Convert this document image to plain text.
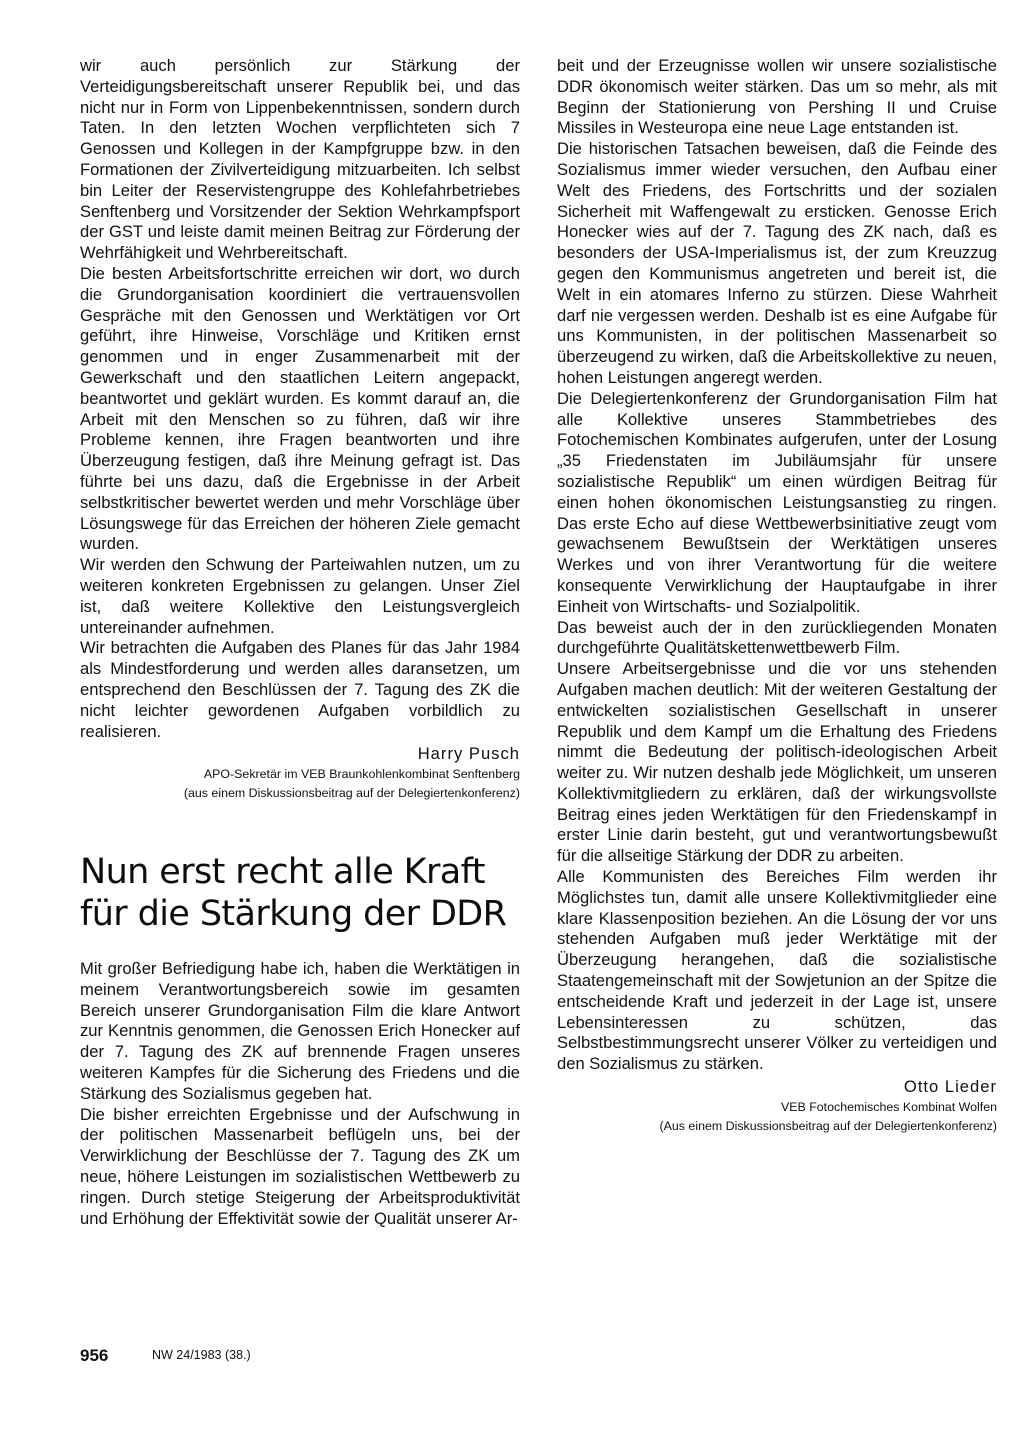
wir auch persönlich zur Stärkung der Verteidigungsbereitschaft unserer Republik bei, und das nicht nur in Form von Lippenbekenntnissen, sondern durch Taten. In den letzten Wochen verpflichteten sich 7 Genossen und Kollegen in der Kampfgruppe bzw. in den Formationen der Zivilverteidigung mitzuarbeiten. Ich selbst bin Leiter der Reservistengruppe des Kohlefahrbetriebes Senftenberg und Vorsitzender der Sektion Wehrkampfsport der GST und leiste damit meinen Beitrag zur Förderung der Wehrfähigkeit und Wehrbereitschaft.

Die besten Arbeitsfortschritte erreichen wir dort, wo durch die Grundorganisation koordiniert die vertrauensvollen Gespräche mit den Genossen und Werktätigen vor Ort geführt, ihre Hinweise, Vorschläge und Kritiken ernst genommen und in enger Zusammenarbeit mit der Gewerkschaft und den staatlichen Leitern angepackt, beantwortet und geklärt wurden. Es kommt darauf an, die Arbeit mit den Menschen so zu führen, daß wir ihre Probleme kennen, ihre Fragen beantworten und ihre Überzeugung festigen, daß ihre Meinung gefragt ist. Das führte bei uns dazu, daß die Ergebnisse in der Arbeit selbstkritischer bewertet werden und mehr Vorschläge über Lösungswege für das Erreichen der höheren Ziele gemacht wurden.

Wir werden den Schwung der Parteiwahlen nutzen, um zu weiteren konkreten Ergebnissen zu gelangen. Unser Ziel ist, daß weitere Kollektive den Leistungsvergleich untereinander aufnehmen.

Wir betrachten die Aufgaben des Planes für das Jahr 1984 als Mindestforderung und werden alles daransetzen, um entsprechend den Beschlüssen der 7. Tagung des ZK die nicht leichter gewordenen Aufgaben vorbildlich zu realisieren.

Harry Pusch

APO-Sekretär im VEB Braunkohlenkombinat Senftenberg

(aus einem Diskussionsbeitrag auf der Delegiertenkonferenz)

Nun erst recht alle Kraft
für die Stärkung der DDR

Mit großer Befriedigung habe ich, haben die Werktätigen in meinem Verantwortungsbereich sowie im gesamten Bereich unserer Grundorganisation Film die klare Antwort zur Kenntnis genommen, die Genossen Erich Honecker auf der 7. Tagung des ZK auf brennende Fragen unseres weiteren Kampfes für die Sicherung des Friedens und die Stärkung des Sozialismus gegeben hat.

Die bisher erreichten Ergebnisse und der Aufschwung in der politischen Massenarbeit beflügeln uns, bei der Verwirklichung der Beschlüsse der 7. Tagung des ZK um neue, höhere Leistungen im sozialistischen Wettbewerb zu ringen. Durch stetige Steigerung der Arbeitsproduktivität und Erhöhung der Effektivität sowie der Qualität unserer Ar-

beit und der Erzeugnisse wollen wir unsere sozialistische DDR ökonomisch weiter stärken. Das um so mehr, als mit Beginn der Stationierung von Pershing II und Cruise Missiles in Westeuropa eine neue Lage entstanden ist.

Die historischen Tatsachen beweisen, daß die Feinde des Sozialismus immer wieder versuchen, den Aufbau einer Welt des Friedens, des Fortschritts und der sozialen Sicherheit mit Waffengewalt zu ersticken. Genosse Erich Honecker wies auf der 7. Tagung des ZK nach, daß es besonders der USA-Imperialismus ist, der zum Kreuzzug gegen den Kommunismus angetreten und bereit ist, die Welt in ein atomares Inferno zu stürzen. Diese Wahrheit darf nie vergessen werden. Deshalb ist es eine Aufgabe für uns Kommunisten, in der politischen Massenarbeit so überzeugend zu wirken, daß die Arbeitskollektive zu neuen, hohen Leistungen angeregt werden.

Die Delegiertenkonferenz der Grundorganisation Film hat alle Kollektive unseres Stammbetriebes des Fotochemischen Kombinates aufgerufen, unter der Losung „35 Friedenstaten im Jubiläumsjahr für unsere sozialistische Republik“ um einen würdigen Beitrag für einen hohen ökonomischen Leistungsanstieg zu ringen. Das erste Echo auf diese Wettbewerbsinitiative zeugt vom gewachsenem Bewußtsein der Werktätigen unseres Werkes und von ihrer Verantwortung für die weitere konsequente Verwirklichung der Hauptaufgabe in ihrer Einheit von Wirtschafts- und Sozialpolitik.

Das beweist auch der in den zurückliegenden Monaten durchgeführte Qualitätskettenwettbewerb Film.

Unsere Arbeitsergebnisse und die vor uns stehenden Aufgaben machen deutlich: Mit der weiteren Gestaltung der entwickelten sozialistischen Gesellschaft in unserer Republik und dem Kampf um die Erhaltung des Friedens nimmt die Bedeutung der politisch-ideologischen Arbeit weiter zu. Wir nutzen deshalb jede Möglichkeit, um unseren Kollektivmitgliedern zu erklären, daß der wirkungsvollste Beitrag eines jeden Werktätigen für den Friedenskampf in erster Linie darin besteht, gut und verantwortungsbewußt für die allseitige Stärkung der DDR zu arbeiten.

Alle Kommunisten des Bereiches Film werden ihr Möglichstes tun, damit alle unsere Kollektivmitglieder eine klare Klassenposition beziehen. An die Lösung der vor uns stehenden Aufgaben muß jeder Werktätige mit der Überzeugung herangehen, daß die sozialistische Staatengemeinschaft mit der Sowjetunion an der Spitze die entscheidende Kraft und jederzeit in der Lage ist, unsere Lebensinteressen zu schützen, das Selbstbestimmungsrecht unserer Völker zu verteidigen und den Sozialismus zu stärken.

Otto Lieder

VEB Fotochemisches Kombinat Wolfen

(Aus einem Diskussionsbeitrag auf der Delegiertenkonferenz)

956	NW 24/1983 (38.)
